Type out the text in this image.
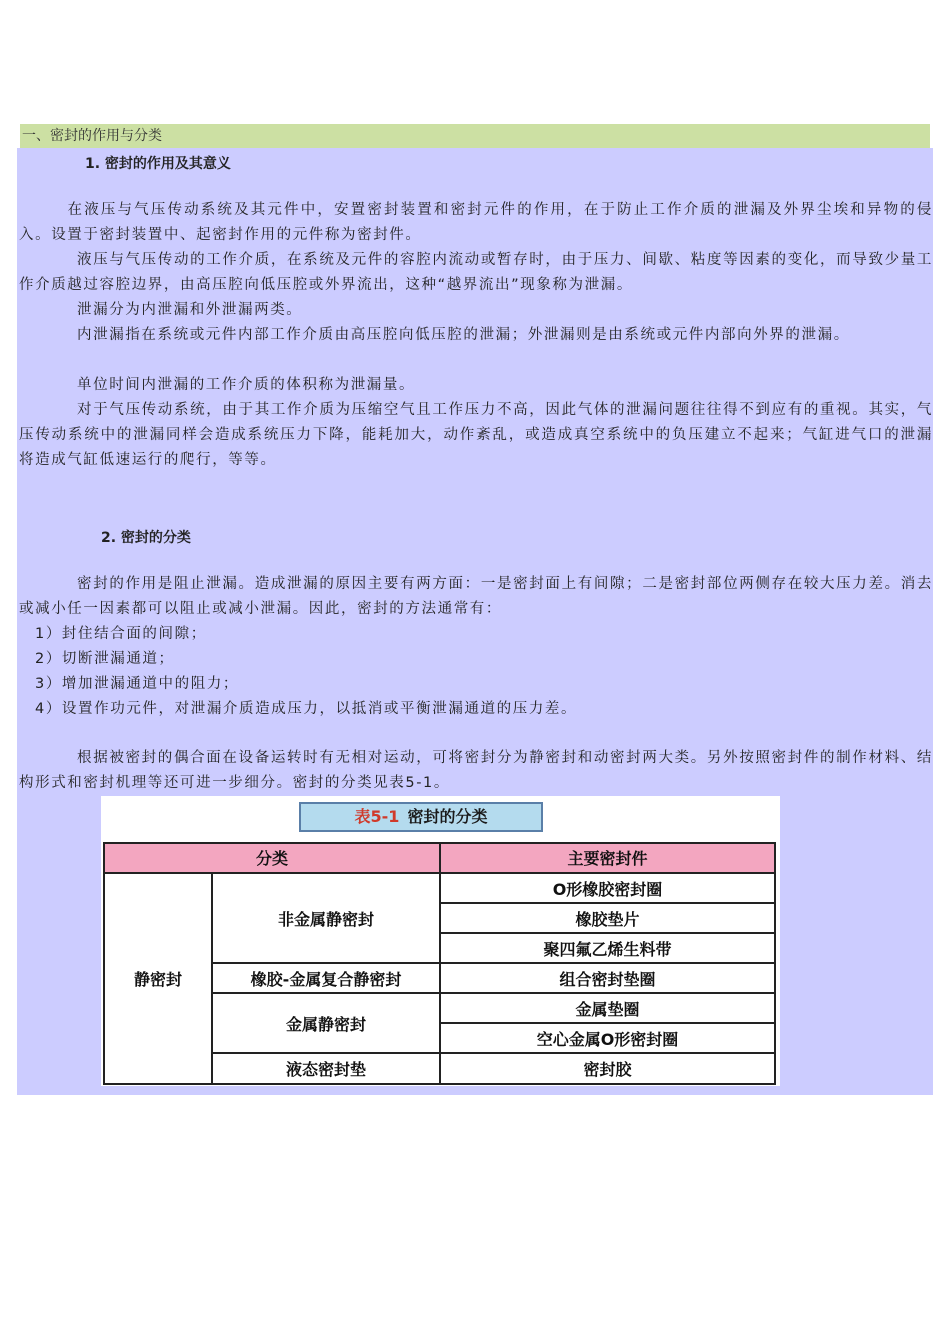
一、密封的作用与分类
1. 密封的作用及其意义

在液压与气压传动系统及其元件中，安置密封装置和密封元件的作用，在于防止工作介质的泄漏及外界尘埃和异物的侵入。设置于密封装置中、起密封作用的元件称为密封件。

液压与气压传动的工作介质，在系统及元件的容腔内流动或暂存时，由于压力、间歇、粘度等因素的变化，而导致少量工作介质越过容腔边界，由高压腔向低压腔或外界流出，这种“越界流出”现象称为泄漏。

泄漏分为内泄漏和外泄漏两类。

内泄漏指在系统或元件内部工作介质由高压腔向低压腔的泄漏；外泄漏则是由系统或元件内部向外界的泄漏。

单位时间内泄漏的工作介质的体积称为泄漏量。

对于气压传动系统，由于其工作介质为压缩空气且工作压力不高，因此气体的泄漏问题往往得不到应有的重视。其实，气压传动系统中的泄漏同样会造成系统压力下降，能耗加大，动作紊乱，或造成真空系统中的负压建立不起来；气缸进气口的泄漏将造成气缸低速运行的爬行，等等。

2. 密封的分类

密封的作用是阻止泄漏。造成泄漏的原因主要有两方面：一是密封面上有间隙；二是密封部位两侧存在较大压力差。消去或减小任一因素都可以阻止或减小泄漏。因此，密封的方法通常有：

1）封住结合面的间隙；
2）切断泄漏通道；
3）增加泄漏通道中的阻力；
4）设置作功元件，对泄漏介质造成压力，以抵消或平衡泄漏通道的压力差。

根据被密封的偶合面在设备运转时有无相对运动，可将密封分为静密封和动密封两大类。另外按照密封件的制作材料、结构形式和密封机理等还可进一步细分。密封的分类见表5-1。

表5-1 密封的分类
分类	主要密封件
静密封
非金属静密封
橡胶-金属复合静密封
金属静密封
液态密封垫
O形橡胶密封圈
橡胶垫片
聚四氟乙烯生料带
组合密封垫圈
金属垫圈
空心金属O形密封圈
密封胶
